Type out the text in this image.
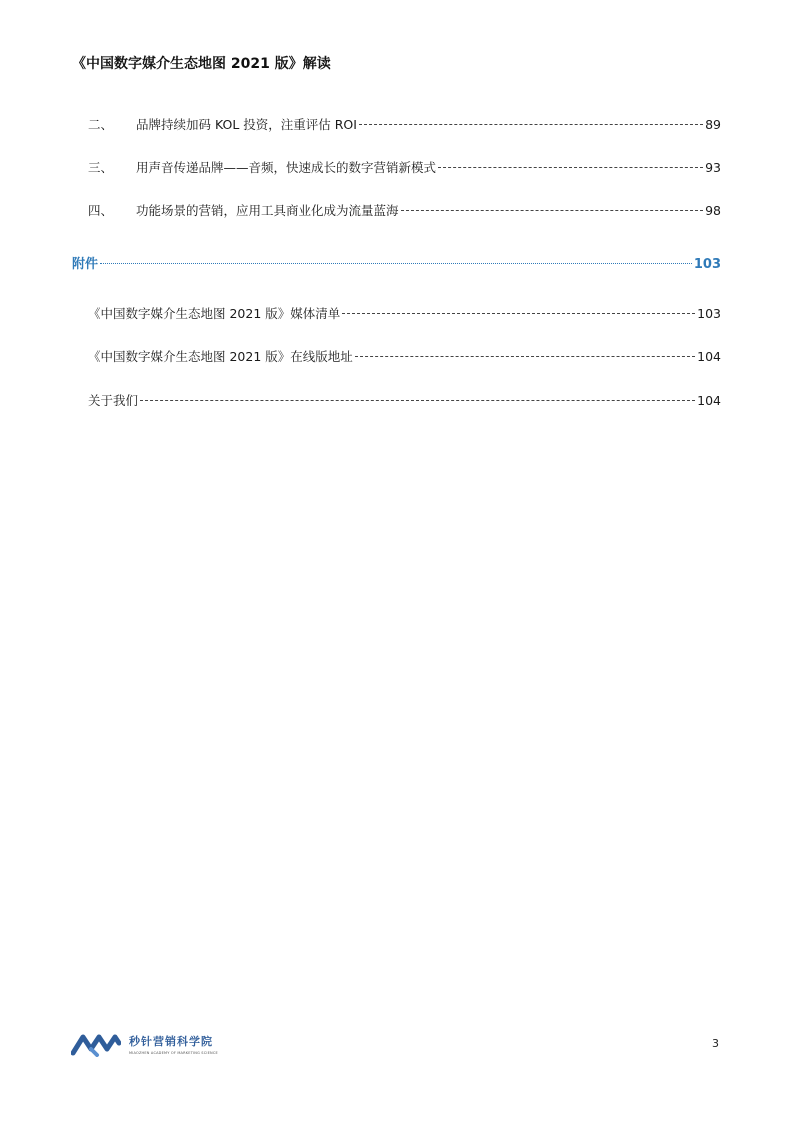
《中国数字媒介生态地图 2021 版》解读
二、	品牌持续加码 KOL 投资，注重评估 ROI	89
三、	用声音传递品牌——音频，快速成长的数字营销新模式	93
四、	功能场景的营销，应用工具商业化成为流量蓝海	98
附件	103
《中国数字媒介生态地图 2021 版》媒体清单	103
《中国数字媒介生态地图 2021 版》在线版地址	104
关于我们	104
秒针营销科学院
MIAOZHEN ACADEMY OF MARKETING SCIENCE
3
